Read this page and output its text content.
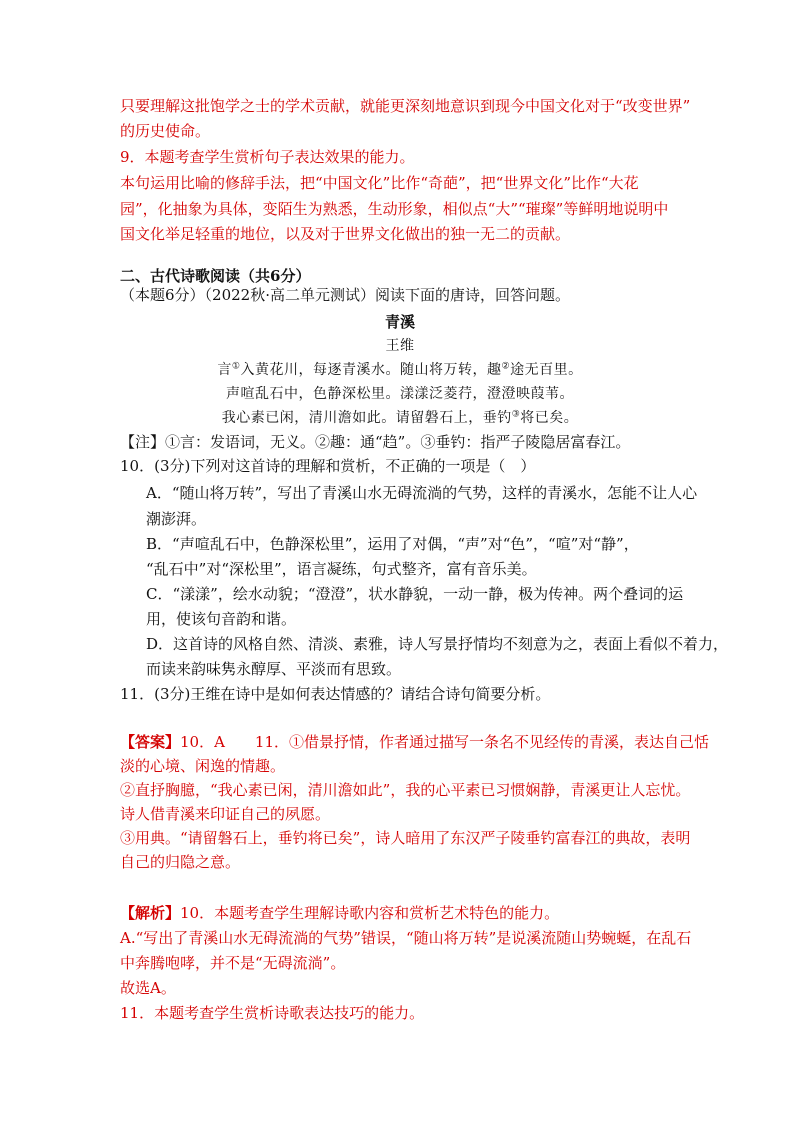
只要理解这批饱学之士的学术贡献，就能更深刻地意识到现今中国文化对于“改变世界”
的历史使命。
9．本题考查学生赏析句子表达效果的能力。
本句运用比喻的修辞手法，把“中国文化”比作“奇葩”，把“世界文化”比作“大花
园”，化抽象为具体，变陌生为熟悉，生动形象，相似点“大”“璀璨”等鲜明地说明中
国文化举足轻重的地位，以及对于世界文化做出的独一无二的贡献。
二、古代诗歌阅读（共6分）
（本题6分）（2022秋·高二单元测试）阅读下面的唐诗，回答问题。
青溪
王维
言①入黄花川，每逐青溪水。随山将万转，趣②途无百里。
声喧乱石中，色静深松里。漾漾泛菱荇，澄澄映葭苇。
我心素已闲，清川澹如此。请留磐石上，垂钓③将已矣。
【注】①言：发语词，无义。②趣：通“趋”。③垂钓：指严子陵隐居富春江。
10．(3分)下列对这首诗的理解和赏析，不正确的一项是（　）
A．“随山将万转”，写出了青溪山水无碍流淌的气势，这样的青溪水，怎能不让人心
潮澎湃。
B．“声喧乱石中，色静深松里”，运用了对偶，“声”对“色”，“喧”对“静”，
“乱石中”对“深松里”，语言凝练，句式整齐，富有音乐美。
C．“漾漾”，绘水动貌；“澄澄”，状水静貌，一动一静，极为传神。两个叠词的运
用，使该句音韵和谐。
D．这首诗的风格自然、清淡、素雅，诗人写景抒情均不刻意为之，表面上看似不着力，
而读来韵味隽永醇厚、平淡而有思致。
11．(3分)王维在诗中是如何表达情感的？请结合诗句简要分析。
【答案】10．A　　11．①借景抒情，作者通过描写一条名不见经传的青溪，表达自己恬
淡的心境、闲逸的情趣。
②直抒胸臆，“我心素已闲，清川澹如此”，我的心平素已习惯娴静，青溪更让人忘忧。
诗人借青溪来印证自己的夙愿。
③用典。“请留磐石上，垂钓将已矣”，诗人暗用了东汉严子陵垂钓富春江的典故，表明
自己的归隐之意。
【解析】10．本题考查学生理解诗歌内容和赏析艺术特色的能力。
A.“写出了青溪山水无碍流淌的气势”错误，“随山将万转”是说溪流随山势蜿蜒，在乱石
中奔腾咆哮，并不是“无碍流淌”。
故选A。
11．本题考查学生赏析诗歌表达技巧的能力。
